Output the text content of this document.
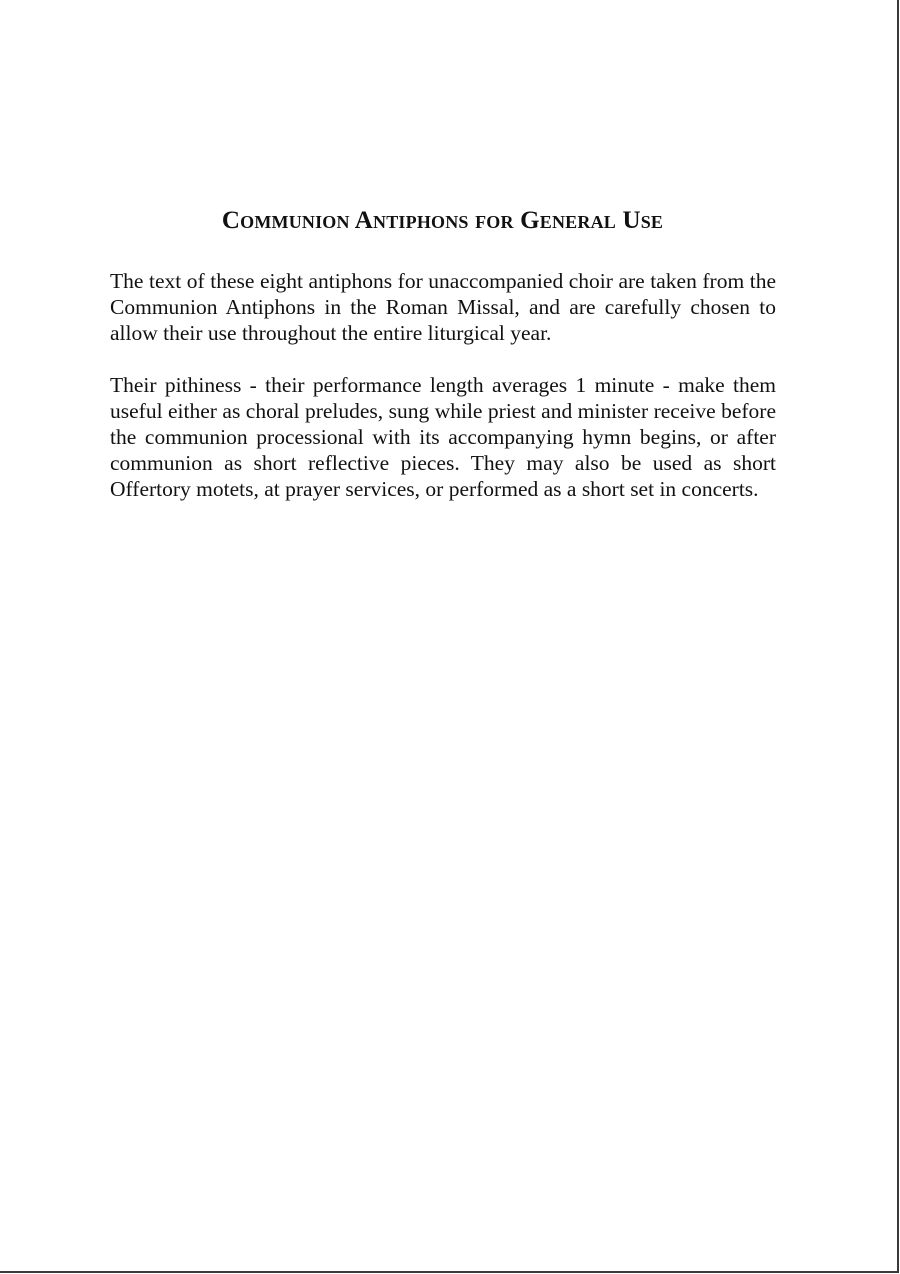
Communion Antiphons for General Use

The text of these eight antiphons for unaccompanied choir are taken from the Communion Antiphons in the Roman Missal, and are carefully chosen to allow their use throughout the entire liturgical year.

Their pithiness - their performance length averages 1 minute - make them useful either as choral preludes, sung while priest and minister receive before the communion processional with its accompanying hymn begins, or after communion as short reflective pieces. They may also be used as short Offertory motets, at prayer services, or performed as a short set in concerts.
